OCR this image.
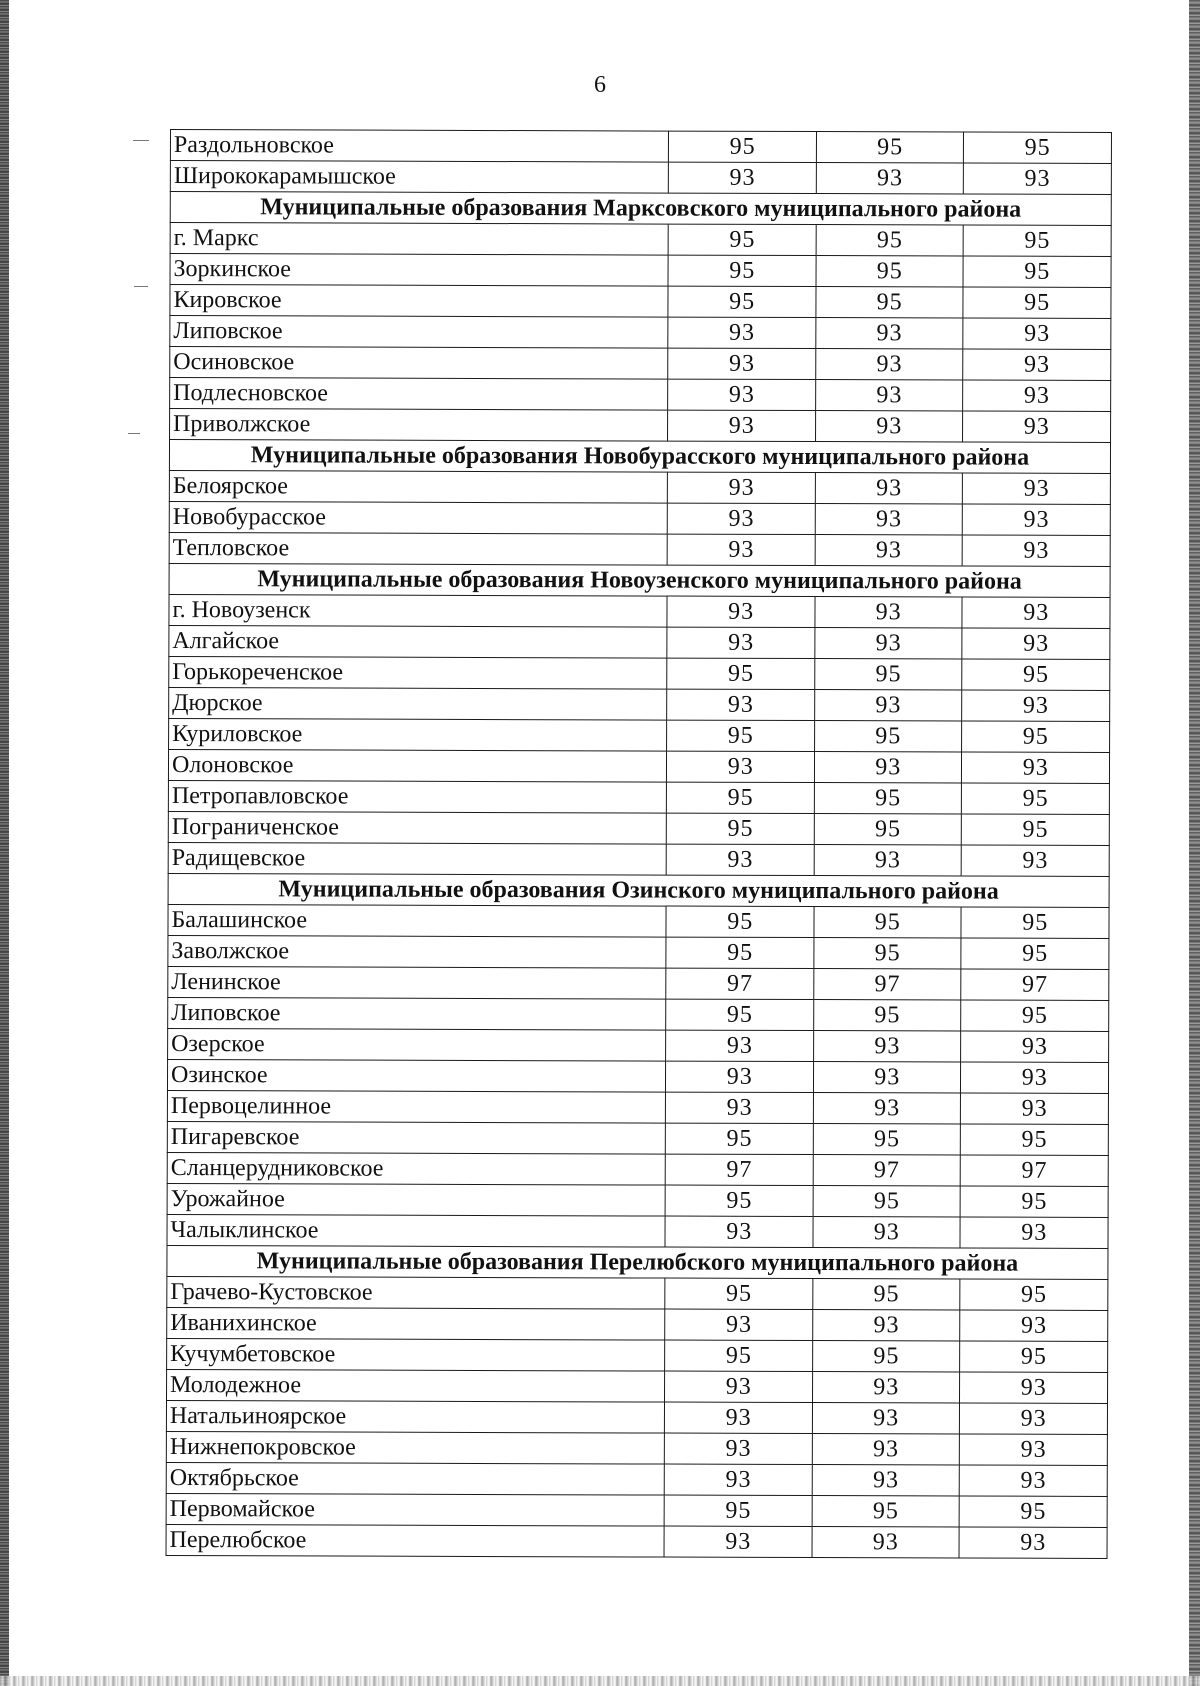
6
Раздольновское	95	95	95
Ширококарамышское	93	93	93
Муниципальные образования Марксовского муниципального района			
г. Маркс	95	95	95
Зоркинское	95	95	95
Кировское	95	95	95
Липовское	93	93	93
Осиновское	93	93	93
Подлесновское	93	93	93
Приволжское	93	93	93
Муниципальные образования Новобурасского муниципального района			
Белоярское	93	93	93
Новобурасское	93	93	93
Тепловское	93	93	93
Муниципальные образования Новоузенского муниципального района			
г. Новоузенск	93	93	93
Алгайское	93	93	93
Горькореченское	95	95	95
Дюрское	93	93	93
Куриловское	95	95	95
Олоновское	93	93	93
Петропавловское	95	95	95
Пограниченское	95	95	95
Радищевское	93	93	93
Муниципальные образования Озинского муниципального района			
Балашинское	95	95	95
Заволжское	95	95	95
Ленинское	97	97	97
Липовское	95	95	95
Озерское	93	93	93
Озинское	93	93	93
Первоцелинное	93	93	93
Пигаревское	95	95	95
Сланцерудниковское	97	97	97
Урожайное	95	95	95
Чалыклинское	93	93	93
Муниципальные образования Перелюбского муниципального района			
Грачево-Кустовское	95	95	95
Иванихинское	93	93	93
Кучумбетовское	95	95	95
Молодежное	93	93	93
Натальиноярское	93	93	93
Нижнепокровское	93	93	93
Октябрьское	93	93	93
Первомайское	95	95	95
Перелюбское	93	93	93
